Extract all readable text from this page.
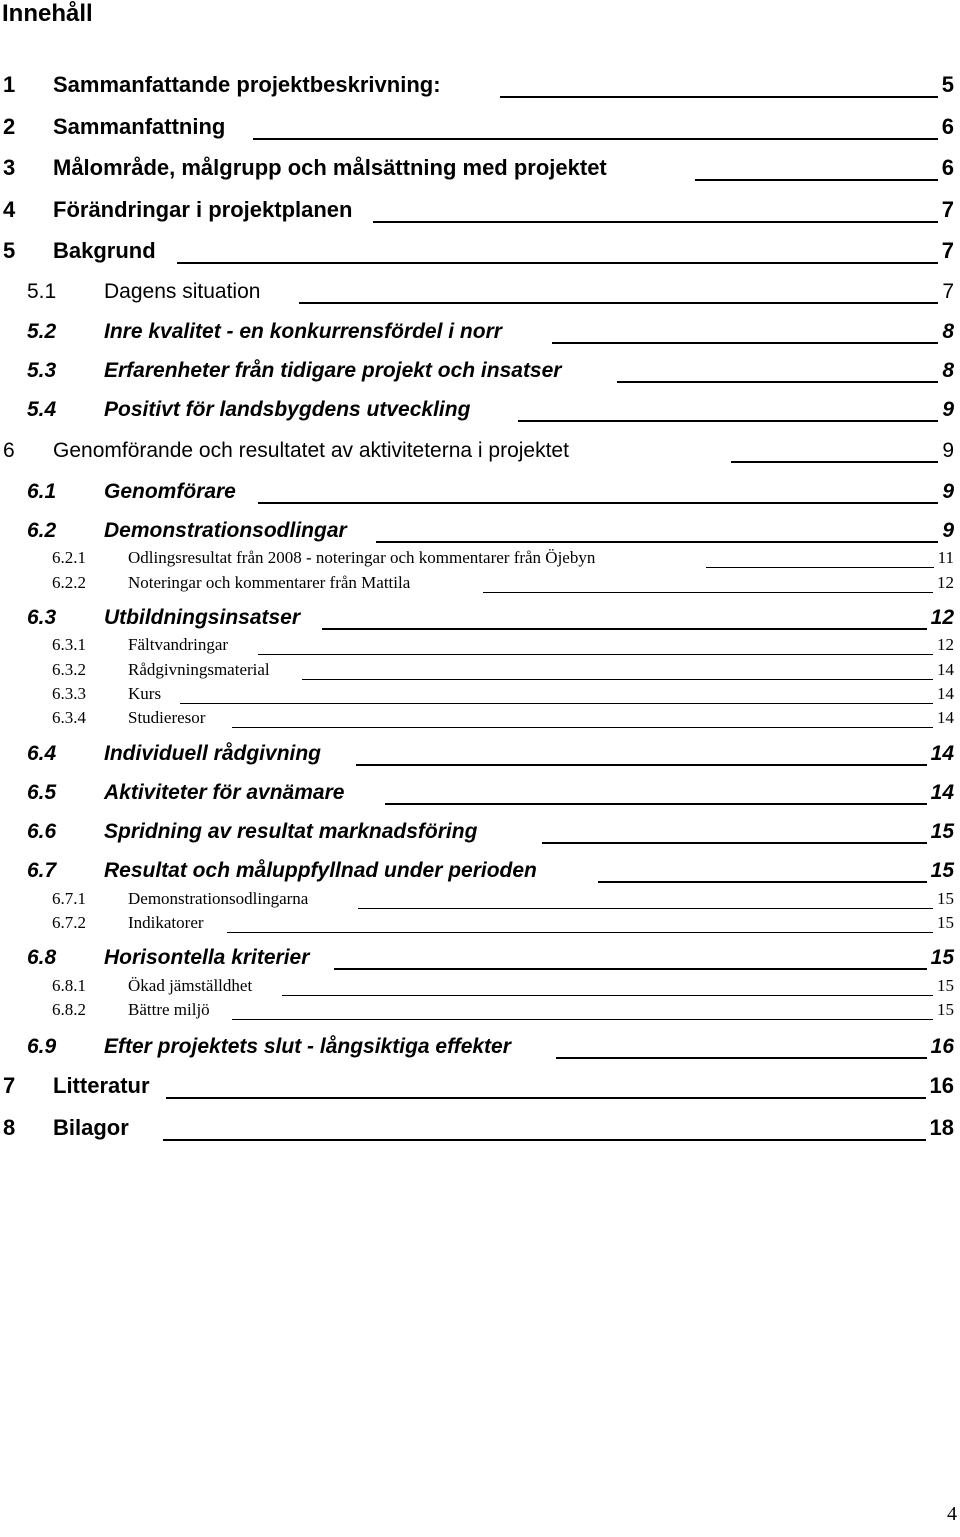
Innehåll
1 Sammanfattande projektbeskrivning:	5
2 Sammanfattning	6
3 Målområde, målgrupp och målsättning med projektet	6
4 Förändringar i projektplanen	7
5 Bakgrund	7
5.1 Dagens situation	7
5.2 Inre kvalitet - en konkurrensfördel i norr	8
5.3 Erfarenheter från tidigare projekt och insatser	8
5.4 Positivt för landsbygdens utveckling	9
6 Genomförande och resultatet av aktiviteterna i projektet	9
6.1 Genomförare	9
6.2 Demonstrationsodlingar	9
6.2.1 Odlingsresultat från 2008 - noteringar och kommentarer från Öjebyn	11
6.2.2 Noteringar och kommentarer från Mattila	12
6.3 Utbildningsinsatser	12
6.3.1 Fältvandringar	12
6.3.2 Rådgivningsmaterial	14
6.3.3 Kurs	14
6.3.4 Studieresor	14
6.4 Individuell rådgivning	14
6.5 Aktiviteter för avnämare	14
6.6 Spridning av resultat marknadsföring	15
6.7 Resultat och måluppfyllnad under perioden	15
6.7.1 Demonstrationsodlingarna	15
6.7.2 Indikatorer	15
6.8 Horisontella kriterier	15
6.8.1 Ökad jämställdhet	15
6.8.2 Bättre miljö	15
6.9 Efter projektets slut - långsiktiga effekter	16
7 Litteratur	16
8 Bilagor	18
4
